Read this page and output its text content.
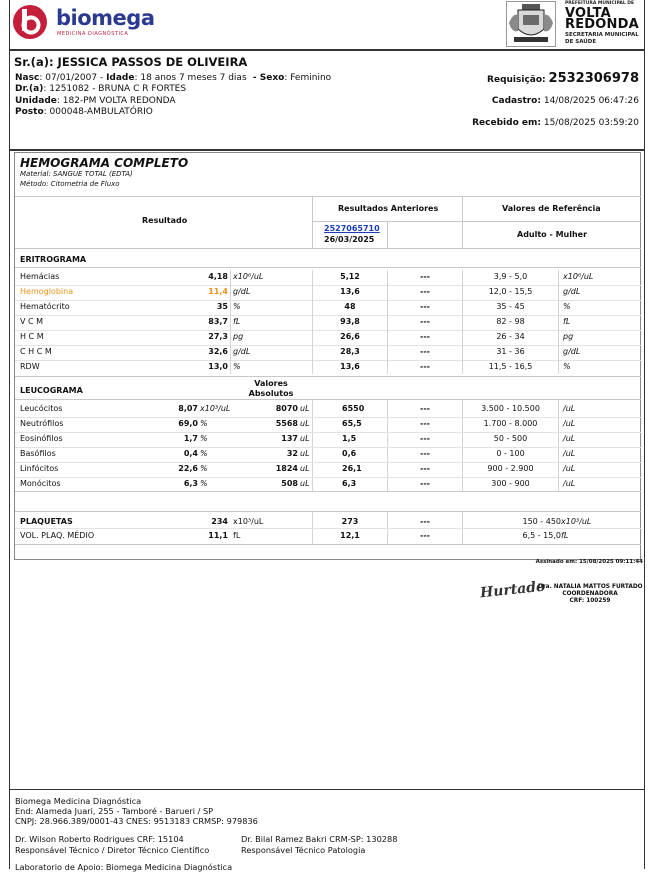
biomega
MEDICINA DIAGNÓSTICA
PREFEITURA MUNICIPAL DE
VOLTA
REDONDA
SECRETARIA MUNICIPAL
DE SAÚDE
Sr.(a): JESSICA PASSOS DE OLIVEIRA
Nasc: 07/01/2007 - Idade: 18 anos 7 meses 7 dias  - Sexo: Feminino
Dr.(a): 1251082 - BRUNA C R FORTES
Unidade: 182-PM VOLTA REDONDA
Posto: 000048-AMBULATÓRIO
Requisição: 2532306978
Cadastro: 14/08/2025 06:47:26
Recebido em: 15/08/2025 03:59:20
HEMOGRAMA COMPLETO
Material: SANGUE TOTAL (EDTA)
Método: Citometria de Fluxo
Resultado
Resultados Anteriores	Valores de Referência
2527065710
26/03/2025
Adulto - Mulher
ERITROGRAMA
Hemácias	4,18 x10⁶/uL	5,12	---	3,9 - 5,0	x10⁶/uL
Hemoglobina	11,4 g/dL	13,6	---	12,0 - 15,5	g/dL
Hematócrito	35 %	48	---	35 - 45	%
V C M	83,7 fL	93,8	---	82 - 98	fL
H C M	27,3 pg	26,6	---	26 - 34	pg
C H C M	32,6 g/dL	28,3	---	31 - 36	g/dL
RDW	13,0 %	13,6	---	11,5 - 16,5	%
LEUCOGRAMA
Valores
Absolutos
Leucócitos	8,07 x10³/uL	8070 uL	6550	---	3.500 - 10.500	/uL
Neutrófilos	69,0 %	5568 uL	65,5	---	1.700 - 8.000	/uL
Eosinófilos	1,7 %	137 uL	1,5	---	50 - 500	/uL
Basófilos	0,4 %	32 uL	0,6	---	0 - 100	/uL
Linfócitos	22,6 %	1824 uL	26,1	---	900 - 2.900	/uL
Monócitos	6,3 %	508 uL	6,3	---	300 - 900	/uL
PLAQUETAS	234 x10³/uL	273	---	150 - 450 x10³/uL
VOL. PLAQ. MÉDIO	11,1 fL	12,1	---	6,5 - 15,0 fL
Assinado em: 15/08/2025 09:11:44
Hurtado
Dra. NATALIA MATTOS FURTADO
COORDENADORA
CRF: 100259
Biomega Medicina Diagnóstica
End: Alameda Juari, 255 - Tamboré - Barueri / SP
CNPJ: 28.966.389/0001-43 CNES: 9513183 CRMSP: 979836
Dr. Wilson Roberto Rodrigues CRF: 15104
Responsável Técnico / Diretor Técnico Científico
Dr. Bilal Ramez Bakri CRM-SP: 130288
Responsável Técnico Patologia
Laboratorio de Apoio: Biomega Medicina Diagnóstica
